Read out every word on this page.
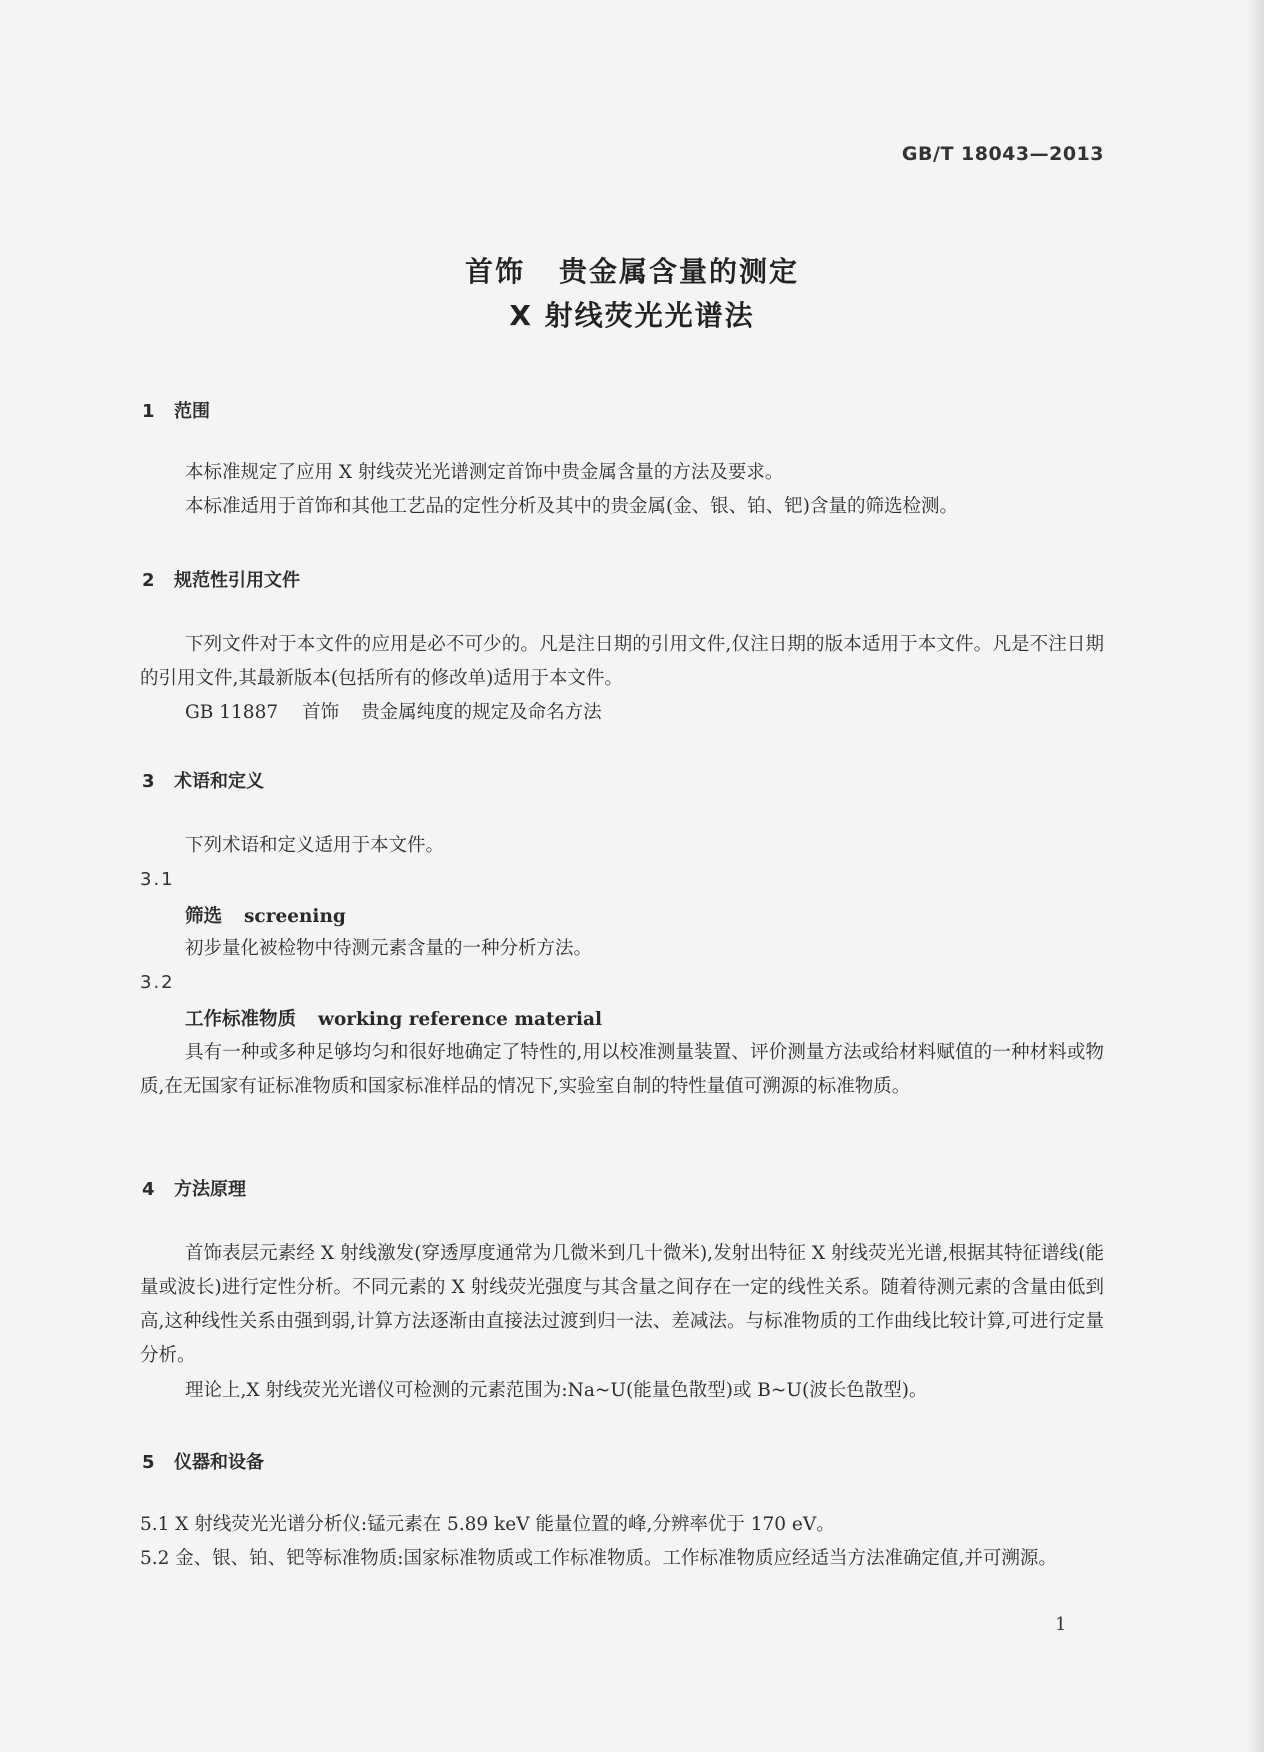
GB/T 18043—2013
首饰 贵金属含量的测定
X 射线荧光光谱法
1 范围
本标准规定了应用 X 射线荧光光谱测定首饰中贵金属含量的方法及要求。
本标准适用于首饰和其他工艺品的定性分析及其中的贵金属(金、银、铂、钯)含量的筛选检测。
2 规范性引用文件
下列文件对于本文件的应用是必不可少的。凡是注日期的引用文件,仅注日期的版本适用于本文件。凡是不注日期的引用文件,其最新版本(包括所有的修改单)适用于本文件。
GB 11887 首饰 贵金属纯度的规定及命名方法
3 术语和定义
下列术语和定义适用于本文件。
3.1
筛选 screening
初步量化被检物中待测元素含量的一种分析方法。
3.2
工作标准物质 working reference material
具有一种或多种足够均匀和很好地确定了特性的,用以校准测量装置、评价测量方法或给材料赋值的一种材料或物质,在无国家有证标准物质和国家标准样品的情况下,实验室自制的特性量值可溯源的标准物质。
4 方法原理
首饰表层元素经 X 射线激发(穿透厚度通常为几微米到几十微米),发射出特征 X 射线荧光光谱,根据其特征谱线(能量或波长)进行定性分析。不同元素的 X 射线荧光强度与其含量之间存在一定的线性关系。随着待测元素的含量由低到高,这种线性关系由强到弱,计算方法逐渐由直接法过渡到归一法、差减法。与标准物质的工作曲线比较计算,可进行定量分析。
理论上,X 射线荧光光谱仪可检测的元素范围为:Na~U(能量色散型)或 B~U(波长色散型)。
5 仪器和设备
5.1 X 射线荧光光谱分析仪:锰元素在 5.89 keV 能量位置的峰,分辨率优于 170 eV。
5.2 金、银、铂、钯等标准物质:国家标准物质或工作标准物质。工作标准物质应经适当方法准确定值,并可溯源。
1
